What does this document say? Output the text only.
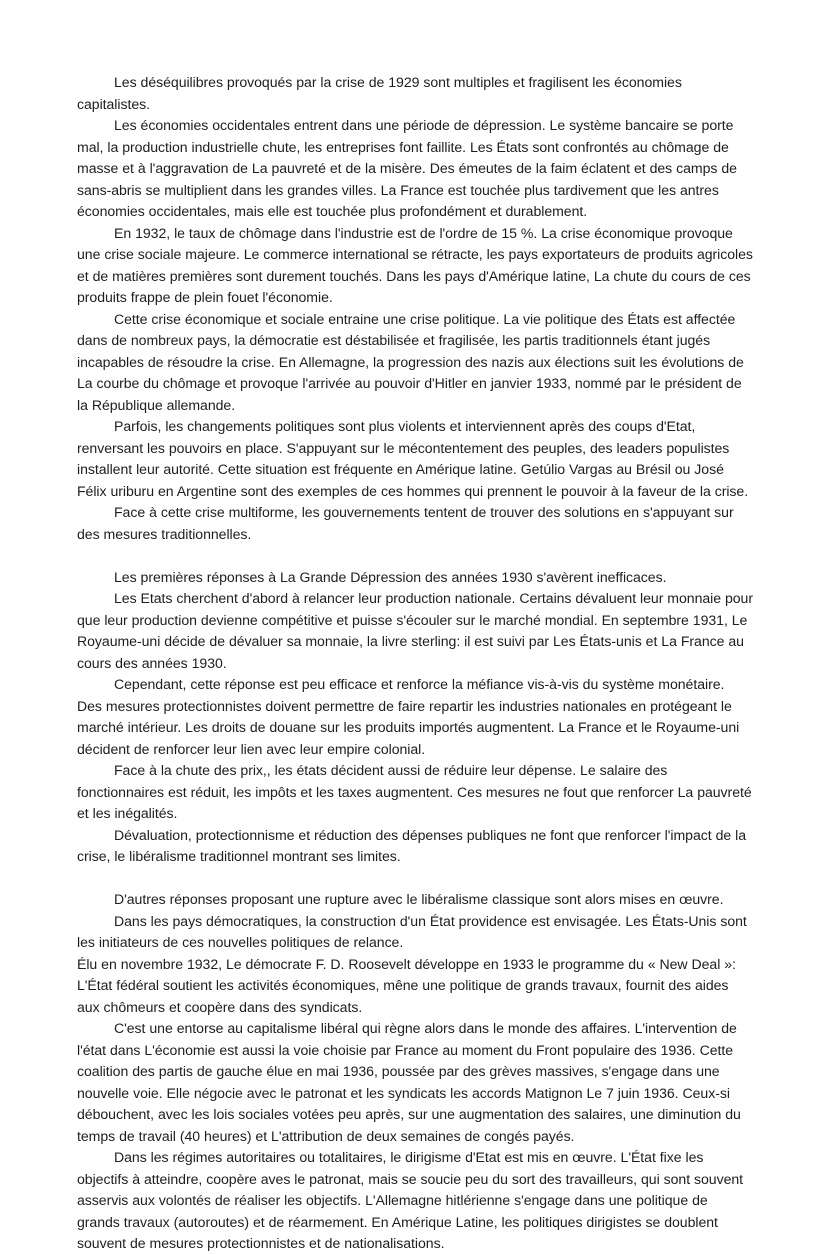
Les déséquilibres provoqués par la crise de 1929 sont multiples et fragilisent les économies capitalistes.

Les économies occidentales entrent dans une période de dépression. Le système bancaire se porte mal, la production industrielle chute, les entreprises font faillite. Les États sont confrontés au chômage de masse et à l'aggravation de La pauvreté et de la misère. Des émeutes de la faim éclatent et des camps de sans-abris se multiplient dans les grandes villes. La France est touchée plus tardivement que les antres économies occidentales, mais elle est touchée plus profondément et durablement.

En 1932, le taux de chômage dans l'industrie est de l'ordre de 15 %. La crise économique provoque une crise sociale majeure. Le commerce international se rétracte, les pays exportateurs de produits agricoles et de matières premières sont durement touchés. Dans les pays d'Amérique latine, La chute du cours de ces produits frappe de plein fouet l'économie.

Cette crise économique et sociale entraine une crise politique. La vie politique des États est affectée dans de nombreux pays, la démocratie est déstabilisée et fragilisée, les partis traditionnels étant jugés incapables de résoudre la crise. En Allemagne, la progression des nazis aux élections suit les évolutions de La courbe du chômage et provoque l'arrivée au pouvoir d'Hitler en janvier 1933, nommé par le président de la République allemande.

Parfois, les changements politiques sont plus violents et interviennent après des coups d'Etat, renversant les pouvoirs en place. S'appuyant sur le mécontentement des peuples, des leaders populistes installent leur autorité. Cette situation est fréquente en Amérique latine. Getúlio Vargas au Brésil ou José Félix uriburu en Argentine sont des exemples de ces hommes qui prennent le pouvoir à la faveur de la crise.

Face à cette crise multiforme, les gouvernements tentent de trouver des solutions en s'appuyant sur des mesures traditionnelles.

Les premières réponses à La Grande Dépression des années 1930 s'avèrent inefficaces.

Les Etats cherchent d'abord à relancer leur production nationale. Certains dévaluent leur monnaie pour que leur production devienne compétitive et puisse s'écouler sur le marché mondial. En septembre 1931, Le Royaume-uni décide de dévaluer sa monnaie, la livre sterling: il est suivi par Les États-unis et La France au cours des années 1930.

Cependant, cette réponse est peu efficace et renforce la méfiance vis-à-vis du système monétaire. Des mesures protectionnistes doivent permettre de faire repartir les industries nationales en protégeant le marché intérieur. Les droits de douane sur les produits importés augmentent. La France et le Royaume-uni décident de renforcer leur lien avec leur empire colonial.

Face à la chute des prix,, les états décident aussi de réduire leur dépense. Le salaire des fonctionnaires est réduit, les impôts et les taxes augmentent. Ces mesures ne fout que renforcer La pauvreté et les inégalités.

Dévaluation, protectionnisme et réduction des dépenses publiques ne font que renforcer l'impact de la crise, le libéralisme traditionnel montrant ses limites.

D'autres réponses proposant une rupture avec le libéralisme classique sont alors mises en œuvre.

Dans les pays démocratiques, la construction d'un État providence est envisagée. Les États-Unis sont les initiateurs de ces nouvelles politiques de relance.

Élu en novembre 1932, Le démocrate F. D. Roosevelt développe en 1933 le programme du « New Deal »: L'État fédéral soutient les activités économiques, mêne une politique de grands travaux, fournit des aides aux chômeurs et coopère dans des syndicats.

C'est une entorse au capitalisme libéral qui règne alors dans le monde des affaires. L'intervention de l'état dans L'économie est aussi la voie choisie par France au moment du Front populaire des 1936. Cette coalition des partis de gauche élue en mai 1936, poussée par des grèves massives, s'engage dans une nouvelle voie. Elle négocie avec le patronat et les syndicats les accords Matignon Le 7 juin 1936. Ceux-si débouchent, avec les lois sociales votées peu après, sur une augmentation des salaires, une diminution du temps de travail (40 heures) et L'attribution de deux semaines de congés payés.

Dans les régimes autoritaires ou totalitaires, le dirigisme d'Etat est mis en œuvre. L'État fixe les objectifs à atteindre, coopère aves le patronat, mais se soucie peu du sort des travailleurs, qui sont souvent asservis aux volontés de réaliser les objectifs. L'Allemagne hitlérienne s'engage dans une politique de grands travaux (autoroutes) et de réarmement. En Amérique Latine, les politiques dirigistes se doublent souvent de mesures protectionnistes et de nationalisations.
